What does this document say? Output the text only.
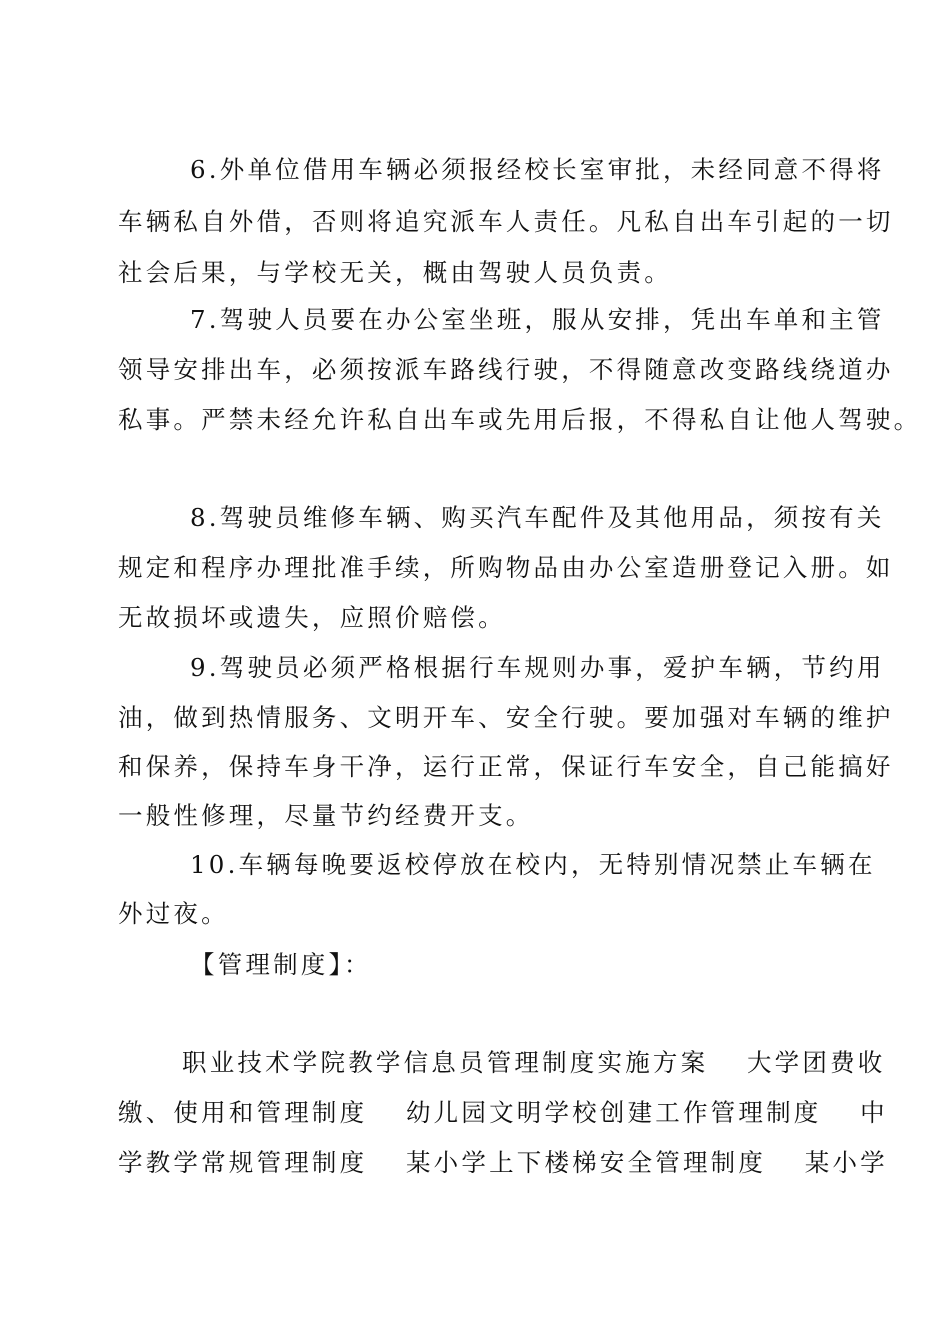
6.外单位借用车辆必须报经校长室审批，未经同意不得将
车辆私自外借，否则将追究派车人责任。凡私自出车引起的一切
社会后果，与学校无关，概由驾驶人员负责。
7.驾驶人员要在办公室坐班，服从安排，凭出车单和主管
领导安排出车，必须按派车路线行驶，不得随意改变路线绕道办
私事。严禁未经允许私自出车或先用后报，不得私自让他人驾驶。
8.驾驶员维修车辆、购买汽车配件及其他用品，须按有关
规定和程序办理批准手续，所购物品由办公室造册登记入册。如
无故损坏或遗失，应照价赔偿。
9.驾驶员必须严格根据行车规则办事，爱护车辆，节约用
油，做到热情服务、文明开车、安全行驶。要加强对车辆的维护
和保养，保持车身干净，运行正常，保证行车安全，自己能搞好
一般性修理，尽量节约经费开支。
10.车辆每晚要返校停放在校内，无特别情况禁止车辆在
外过夜。
【管理制度】：
职业技术学院教学信息员管理制度实施方案　 大学团费收
缴、使用和管理制度　 幼儿园文明学校创建工作管理制度　 中
学教学常规管理制度　 某小学上下楼梯安全管理制度　 某小学
